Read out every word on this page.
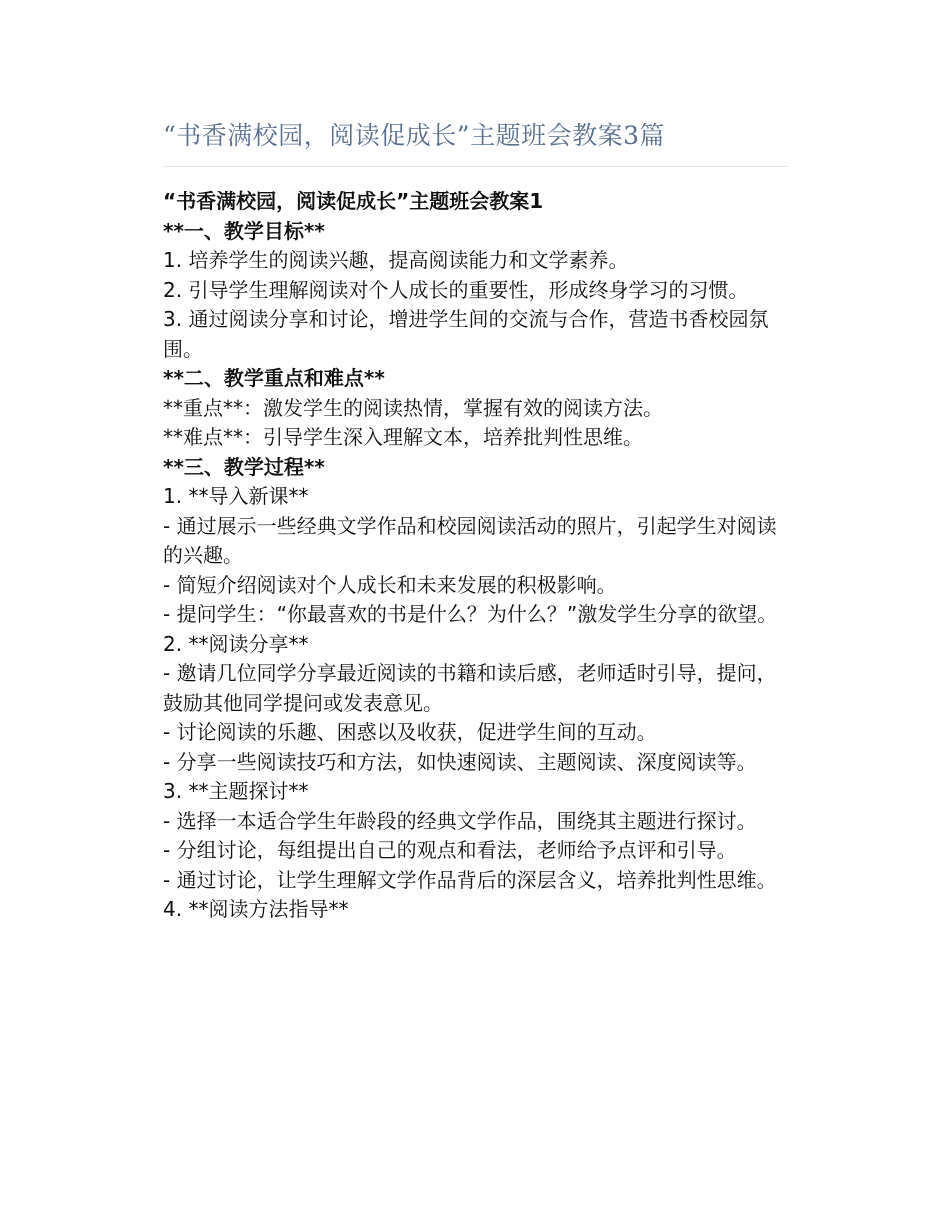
“书香满校园，阅读促成长”主题班会教案3篇

“书香满校园，阅读促成长”主题班会教案1

**一、教学目标**

1. 培养学生的阅读兴趣，提高阅读能力和文学素养。

2. 引导学生理解阅读对个人成长的重要性，形成终身学习的习惯。

3. 通过阅读分享和讨论，增进学生间的交流与合作，营造书香校园氛围。

**二、教学重点和难点**

**重点**：激发学生的阅读热情，掌握有效的阅读方法。

**难点**：引导学生深入理解文本，培养批判性思维。

**三、教学过程**

1. **导入新课**

- 通过展示一些经典文学作品和校园阅读活动的照片，引起学生对阅读的兴趣。

- 简短介绍阅读对个人成长和未来发展的积极影响。

- 提问学生：“你最喜欢的书是什么？为什么？”激发学生分享的欲望。

2. **阅读分享**

- 邀请几位同学分享最近阅读的书籍和读后感，老师适时引导，提问，鼓励其他同学提问或发表意见。

- 讨论阅读的乐趣、困惑以及收获，促进学生间的互动。

- 分享一些阅读技巧和方法，如快速阅读、主题阅读、深度阅读等。

3. **主题探讨**

- 选择一本适合学生年龄段的经典文学作品，围绕其主题进行探讨。

- 分组讨论，每组提出自己的观点和看法，老师给予点评和引导。

- 通过讨论，让学生理解文学作品背后的深层含义，培养批判性思维。

4. **阅读方法指导**
